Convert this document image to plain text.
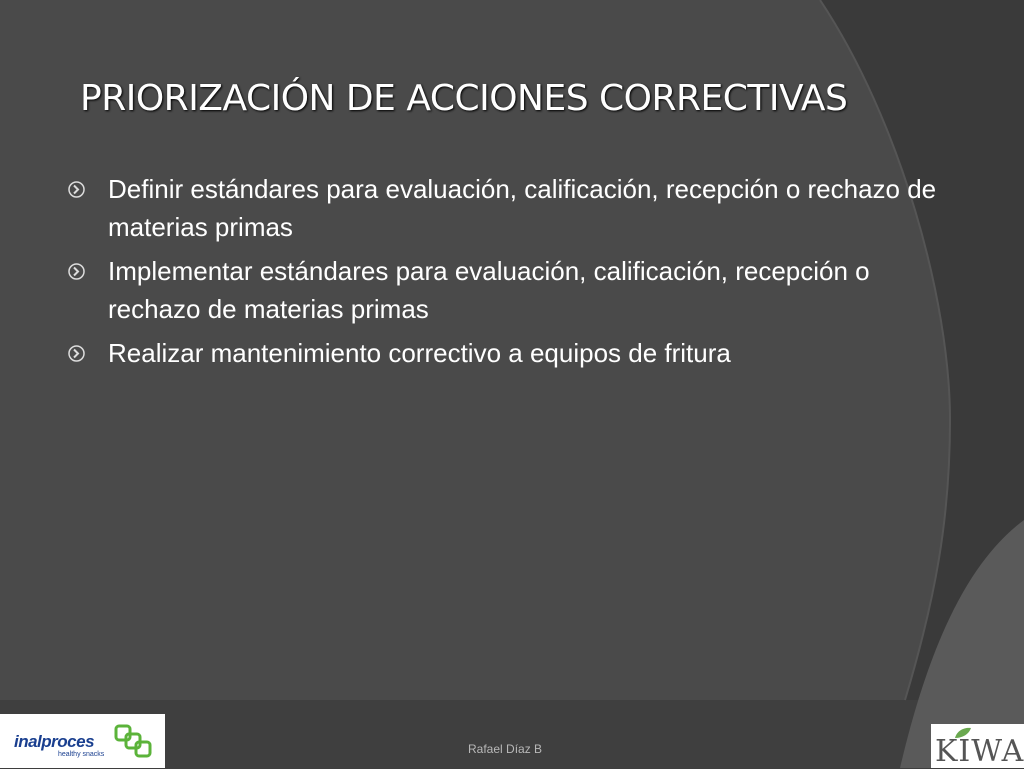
PRIORIZACIÓN DE ACCIONES CORRECTIVAS
Definir estándares para evaluación, calificación, recepción o rechazo de materias primas
Implementar estándares para evaluación, calificación, recepción o rechazo de materias primas
Realizar mantenimiento correctivo a equipos de fritura
inalproces
healthy snacks	Rafael Díaz B	KIWA
